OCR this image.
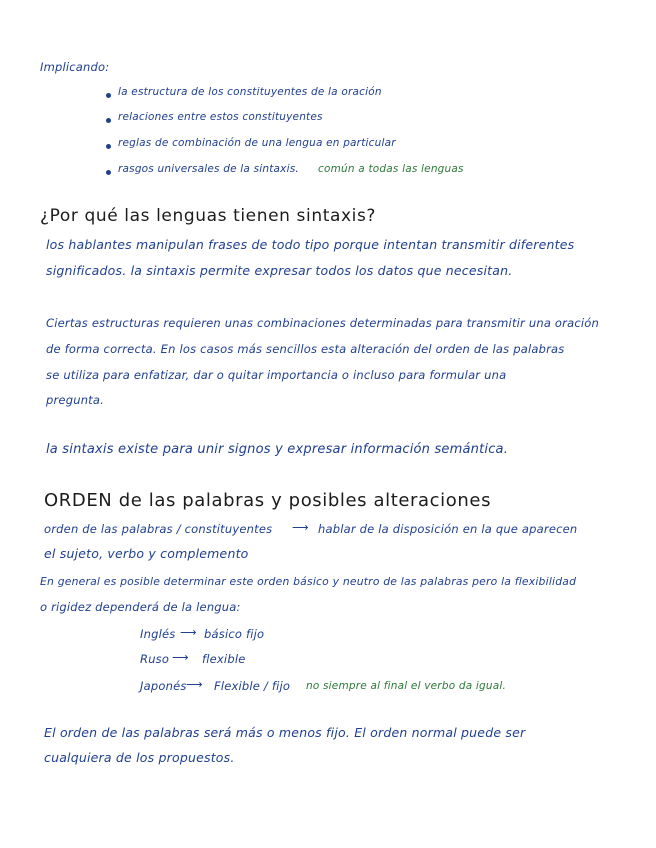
Implicando:
la estructura de los constituyentes de la oración
relaciones entre estos constituyentes
reglas de combinación de una lengua en particular
rasgos universales de la sintaxis. común a todas las lenguas
¿Por qué las lenguas tienen sintaxis?
los hablantes manipulan frases de todo tipo porque intentan transmitir diferentes
significados. la sintaxis permite expresar todos los datos que necesitan.
Ciertas estructuras requieren unas combinaciones determinadas para transmitir una oración
de forma correcta. En los casos más sencillos esta alteración del orden de las palabras
se utiliza para enfatizar, dar o quitar importancia o incluso para formular una
pregunta.
la sintaxis existe para unir signos y expresar información semántica.
ORDEN de las palabras y posibles alteraciones
orden de las palabras / constituyentes ⟶ hablar de la disposición en la que aparecen
el sujeto, verbo y complemento
En general es posible determinar este orden básico y neutro de las palabras pero la flexibilidad
o rigidez dependerá de la lengua:
Inglés ⟶ básico fijo
Ruso ⟶ flexible
Japonés ⟶ Flexible / fijo no siempre al final el verbo da igual.
El orden de las palabras será más o menos fijo. El orden normal puede ser
cualquiera de los propuestos.
